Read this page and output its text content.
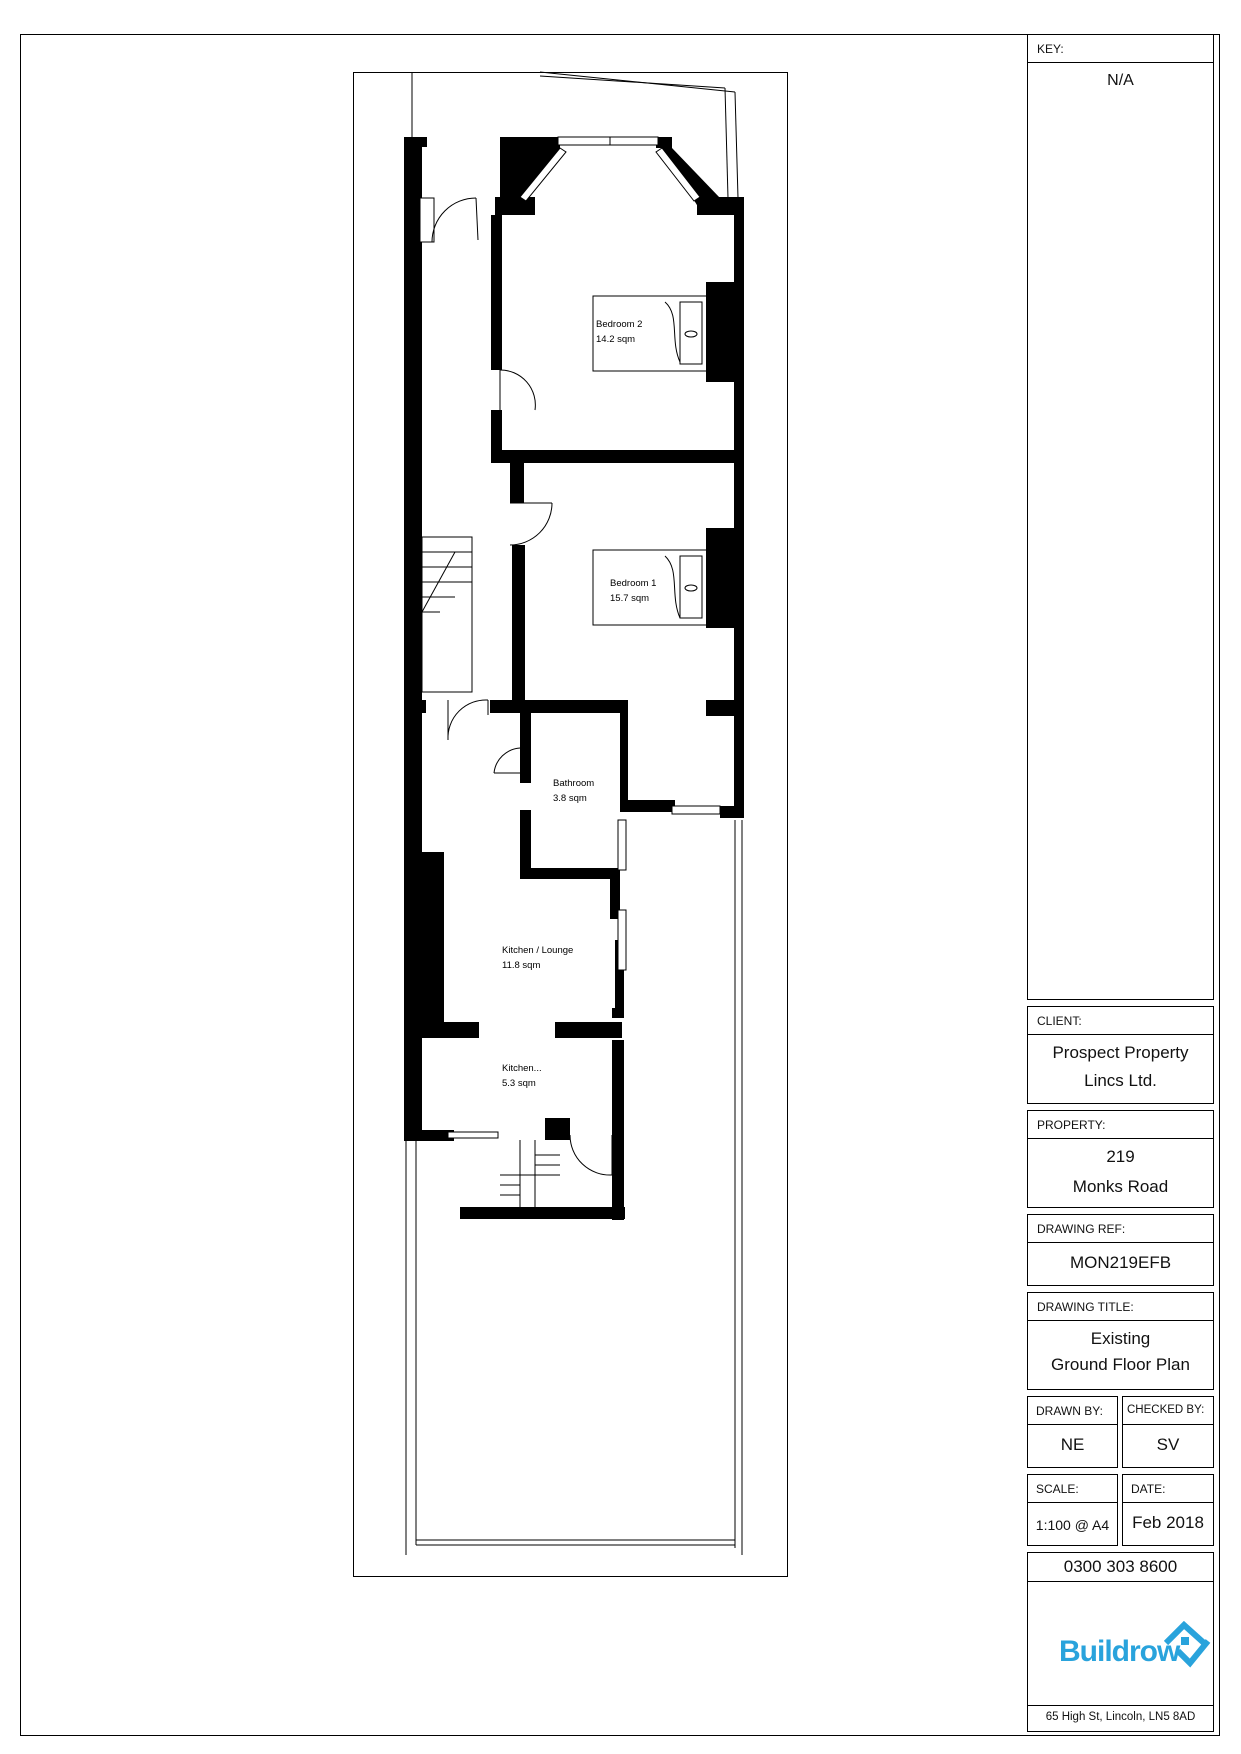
Bedroom 2
14.2 sqm
Bedroom 1
15.7 sqm
Bathroom
3.8 sqm
Kitchen / Lounge
11.8 sqm
Kitchen...
5.3 sqm
KEY:
N/A
CLIENT:
Prospect Property
Lincs Ltd.
PROPERTY:
219
Monks Road
DRAWING REF:
MON219EFB
DRAWING TITLE:
Existing
Ground Floor Plan
DRAWN BY:
NE
CHECKED BY:
SV
SCALE:
1:100 @ A4
DATE:
Feb 2018
0300 303 8600
Buildrow
65 High St, Lincoln, LN5 8AD
